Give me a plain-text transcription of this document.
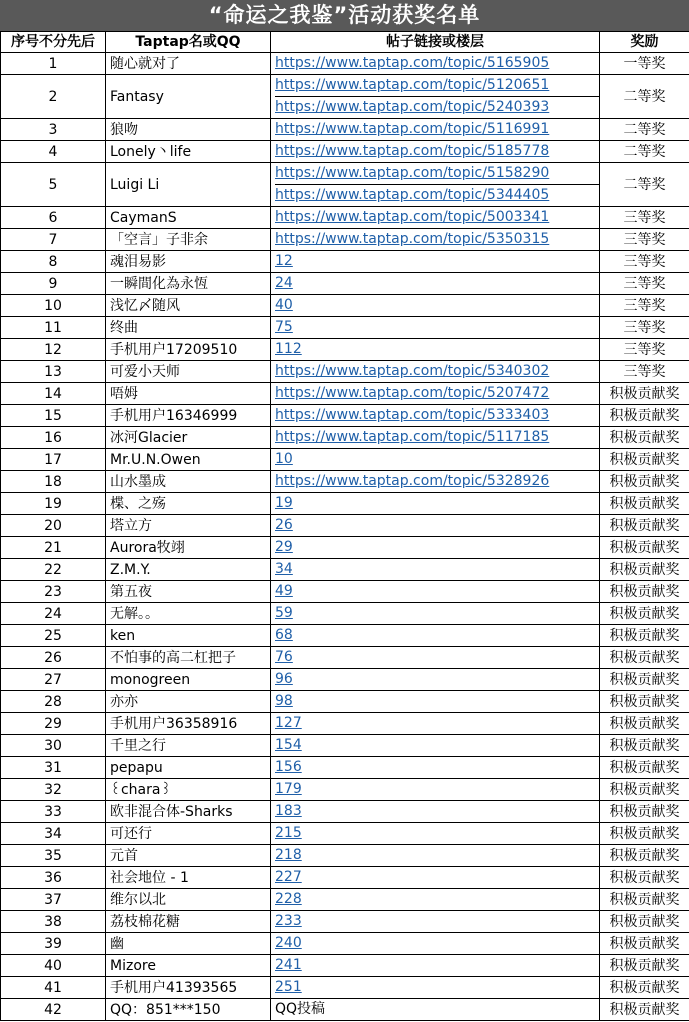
“命运之我鉴”活动获奖名单
序号不分先后	Taptap名或QQ	帖子链接或楼层	奖励
1	随心就对了	https://www.taptap.com/topic/5165905	一等奖
2	Fantasy	https://www.taptap.com/topic/5120651
https://www.taptap.com/topic/5240393	二等奖
3	狼吻	https://www.taptap.com/topic/5116991	二等奖
4	Lonely丶life	https://www.taptap.com/topic/5185778	二等奖
5	Luigi Li	https://www.taptap.com/topic/5158290
https://www.taptap.com/topic/5344405	二等奖
6	CaymanS	https://www.taptap.com/topic/5003341	三等奖
7	「空言」子非余	https://www.taptap.com/topic/5350315	三等奖
8	魂泪易影	12	三等奖
9	一瞬間化為永恆	24	三等奖
10	浅忆〆随风	40	三等奖
11	终曲	75	三等奖
12	手机用户17209510	112	三等奖
13	可爱小天师	https://www.taptap.com/topic/5340302	三等奖
14	唔姆	https://www.taptap.com/topic/5207472	积极贡献奖
15	手机用户16346999	https://www.taptap.com/topic/5333403	积极贡献奖
16	冰河Glacier	https://www.taptap.com/topic/5117185	积极贡献奖
17	Mr.U.N.Owen	10	积极贡献奖
18	山水墨成	https://www.taptap.com/topic/5328926	积极贡献奖
19	楪、之殇	19	积极贡献奖
20	塔立方	26	积极贡献奖
21	Aurora牧翊	29	积极贡献奖
22	Z.M.Y.	34	积极贡献奖
23	第五夜	49	积极贡献奖
24	无解。。	59	积极贡献奖
25	ken	68	积极贡献奖
26	不怕事的高二杠把子	76	积极贡献奖
27	monogreen	96	积极贡献奖
28	亦亦	98	积极贡献奖
29	手机用户36358916	127	积极贡献奖
30	千里之行	154	积极贡献奖
31	pepapu	156	积极贡献奖
32	꒰chara꒱	179	积极贡献奖
33	欧非混合体-Sharks	183	积极贡献奖
34	可还行	215	积极贡献奖
35	元首	218	积极贡献奖
36	社会地位 - 1	227	积极贡献奖
37	维尔以北	228	积极贡献奖
38	荔枝棉花糖	233	积极贡献奖
39	幽	240	积极贡献奖
40	Mizore	241	积极贡献奖
41	手机用户41393565	251	积极贡献奖
42	QQ：851***150	QQ投稿	积极贡献奖
